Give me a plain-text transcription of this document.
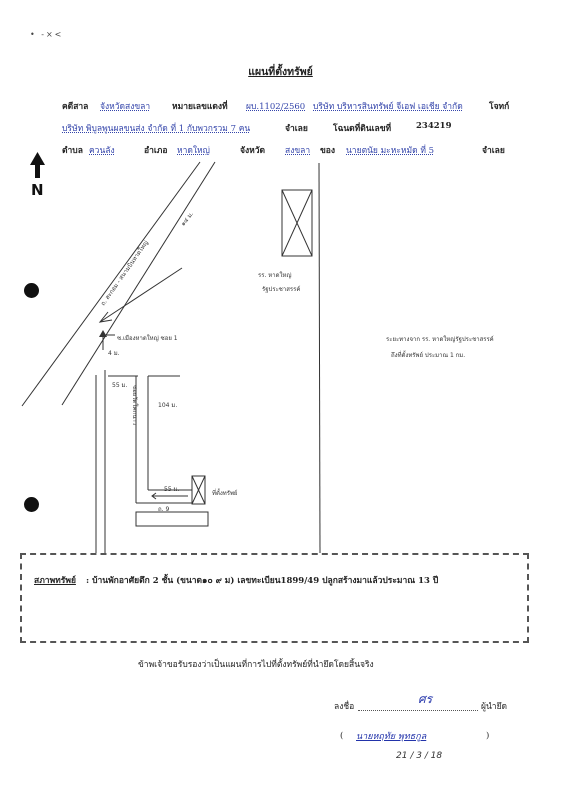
• -×<
แผนที่ตั้งทรัพย์
คดีสาล จังหวัดสงขลา	หมายเลขแดงที่ ผบ.1102/2560 บริษัท บริหารสินทรัพย์ จีเอฟ เอเชีย จำกัด	โจทก์
บริษัท พิบูลพูนผลขนส่ง จำกัด ที่ 1 กับพวกรวม 7 คน	จำเลย	โฉนดที่ดินเลขที่	234219
ตำบล ควนลัง	อำเภอ หาดใหญ่	จังหวัด สงขลา ของ นายตนัย มะหะหมัด ที่ 5	จำเลย
N
๑๔ ม.
ถ. สะกอม - สนามบินหาดใหญ่	รร. หาดใหญ่
รัฐประชาสรรค์
ระยะทางจาก รร. หาดใหญ่รัฐประชาสรรค์
ถึงที่ตั้งทรัพย์ ประมาณ 1 กม.
ซ.เมืองหาดใหญ่ ซอย 1
4 ม.
55 ม. ซอยวัดโคกนาว	104 ม.
55 ม.
ที่ตั้งทรัพย์
ถ. 9
สภาพทรัพย์ : บ้านพักอาศัยตึก 2 ชั้น (ขนาด๑๐ ๙ ม) เลขทะเบียน1899/49 ปลูกสร้างมาแล้วประมาณ 13 ปี
ข้าพเจ้าขอรับรองว่าเป็นแผนที่การไปที่ตั้งทรัพย์ที่นำยึดโดยสิ้นจริง
ลงชื่อ
ศร
ผู้นำยึด
( นายหฤทัย พุทธกูล	)
21 / 3 / 18
